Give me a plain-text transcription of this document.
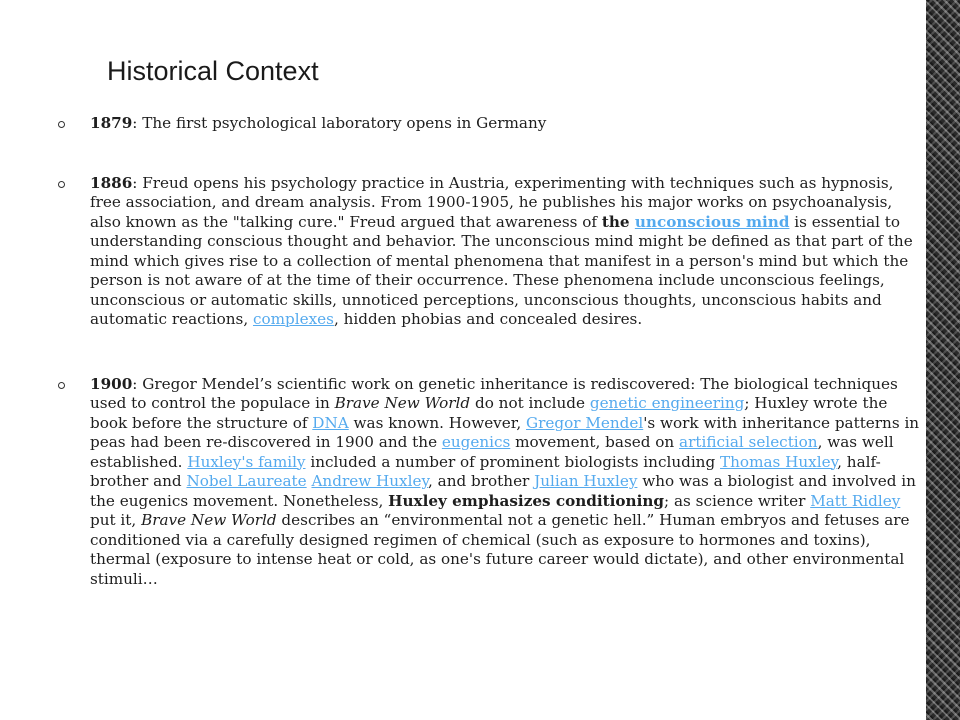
Historical Context
1879: The first psychological laboratory opens in Germany
1886: Freud opens his psychology practice in Austria, experimenting with techniques such as hypnosis, free association, and dream analysis. From 1900-1905, he publishes his major works on psychoanalysis, also known as the "talking cure." Freud argued that awareness of the unconscious mind is essential to understanding conscious thought and behavior. The unconscious mind might be defined as that part of the mind which gives rise to a collection of mental phenomena that manifest in a person's mind but which the person is not aware of at the time of their occurrence. These phenomena include unconscious feelings, unconscious or automatic skills, unnoticed perceptions, unconscious thoughts, unconscious habits and automatic reactions, complexes, hidden phobias and concealed desires.
1900: Gregor Mendel’s scientific work on genetic inheritance is rediscovered: The biological techniques used to control the populace in Brave New World do not include genetic engineering; Huxley wrote the book before the structure of DNA was known. However, Gregor Mendel's work with inheritance patterns in peas had been re-discovered in 1900 and the eugenics movement, based on artificial selection, was well established. Huxley's family included a number of prominent biologists including Thomas Huxley, half-brother and Nobel Laureate Andrew Huxley, and brother Julian Huxley who was a biologist and involved in the eugenics movement. Nonetheless, Huxley emphasizes conditioning; as science writer Matt Ridley put it, Brave New World describes an “environmental not a genetic hell.” Human embryos and fetuses are conditioned via a carefully designed regimen of chemical (such as exposure to hormones and toxins), thermal (exposure to intense heat or cold, as one's future career would dictate), and other environmental stimuli…
